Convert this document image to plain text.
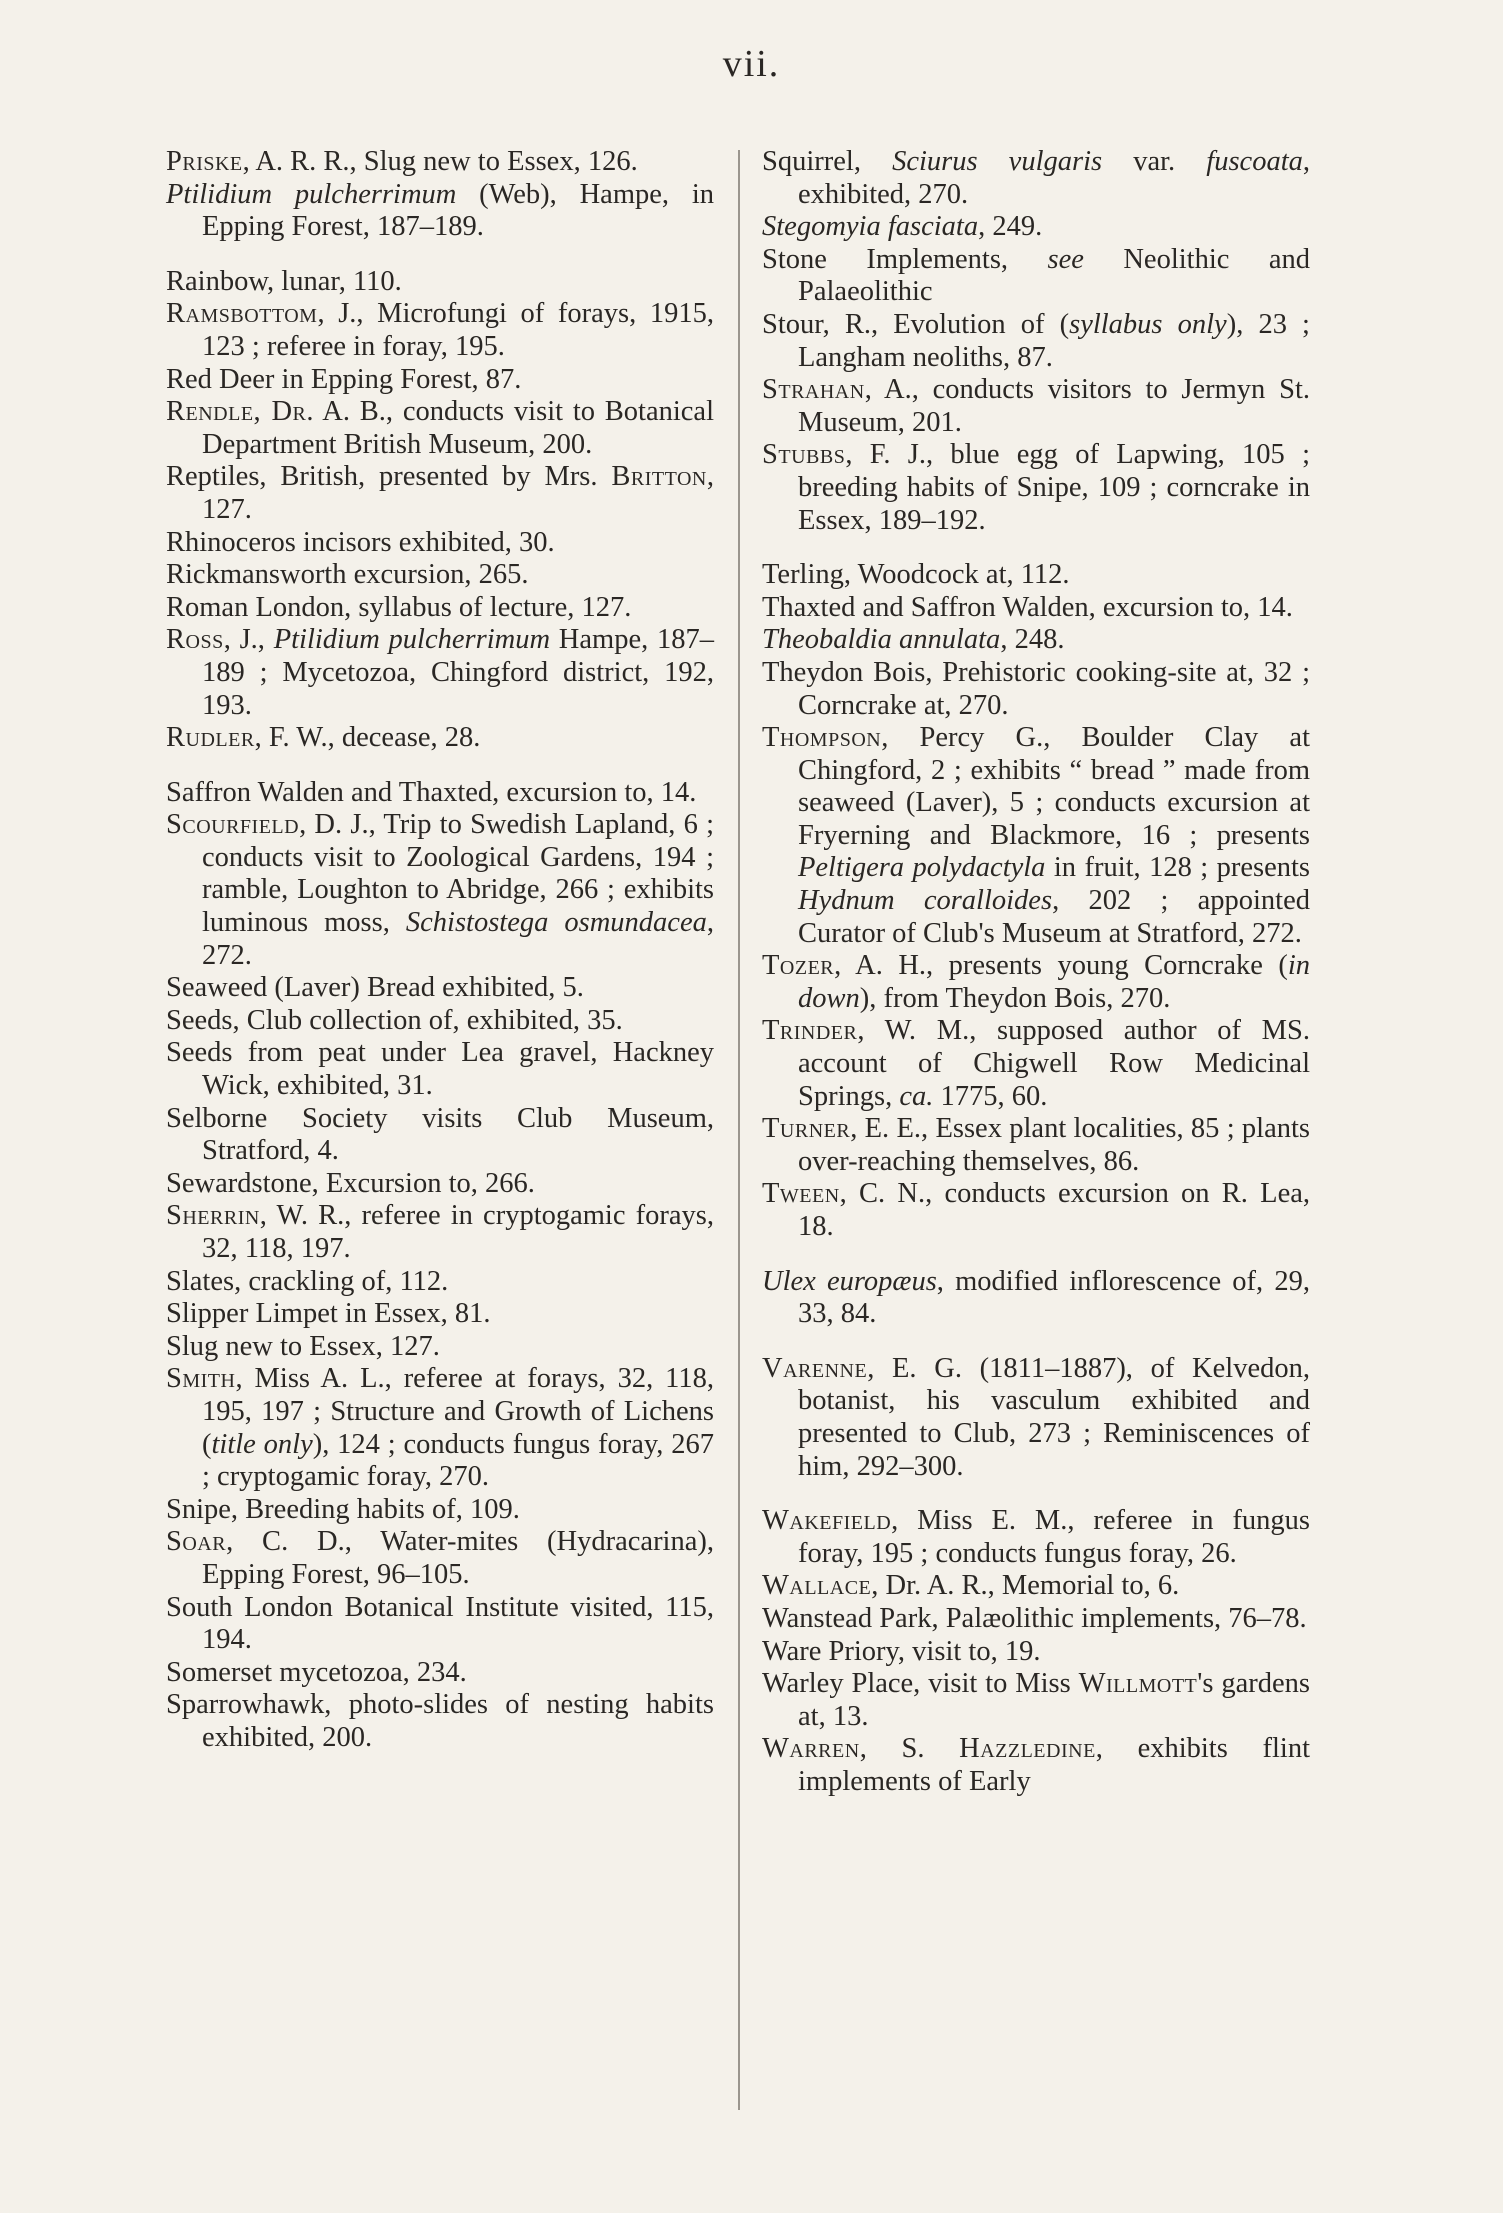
vii.

Priske, A. R. R., Slug new to Essex, 126.

Ptilidium pulcherrimum (Web), Hampe, in Epping Forest, 187–189.

Rainbow, lunar, 110.

Ramsbottom, J., Microfungi of forays, 1915, 123 ; referee in foray, 195.

Red Deer in Epping Forest, 87.

Rendle, Dr. A. B., conducts visit to Botanical Department British Museum, 200.

Reptiles, British, presented by Mrs. Britton, 127.

Rhinoceros incisors exhibited, 30.

Rickmansworth excursion, 265.

Roman London, syllabus of lecture, 127.

Ross, J., Ptilidium pulcherrimum Hampe, 187–189 ; Mycetozoa, Chingford district, 192, 193.

Rudler, F. W., decease, 28.

Saffron Walden and Thaxted, excursion to, 14.

Scourfield, D. J., Trip to Swedish Lapland, 6 ; conducts visit to Zoological Gardens, 194 ; ramble, Loughton to Abridge, 266 ; exhibits luminous moss, Schistostega osmundacea, 272.

Seaweed (Laver) Bread exhibited, 5.

Seeds, Club collection of, exhibited, 35.

Seeds from peat under Lea gravel, Hackney Wick, exhibited, 31.

Selborne Society visits Club Museum, Stratford, 4.

Sewardstone, Excursion to, 266.

Sherrin, W. R., referee in cryptogamic forays, 32, 118, 197.

Slates, crackling of, 112.

Slipper Limpet in Essex, 81.

Slug new to Essex, 127.

Smith, Miss A. L., referee at forays, 32, 118, 195, 197 ; Structure and Growth of Lichens (title only), 124 ; conducts fungus foray, 267 ; cryptogamic foray, 270.

Snipe, Breeding habits of, 109.

Soar, C. D., Water-mites (Hydracarina), Epping Forest, 96–105.

South London Botanical Institute visited, 115, 194.

Somerset mycetozoa, 234.

Sparrowhawk, photo-slides of nesting habits exhibited, 200.

Squirrel, Sciurus vulgaris var. fuscoata, exhibited, 270.

Stegomyia fasciata, 249.

Stone Implements, see Neolithic and Palaeolithic

Stour, R., Evolution of (syllabus only), 23 ; Langham neoliths, 87.

Strahan, A., conducts visitors to Jermyn St. Museum, 201.

Stubbs, F. J., blue egg of Lapwing, 105 ; breeding habits of Snipe, 109 ; corncrake in Essex, 189–192.

Terling, Woodcock at, 112.

Thaxted and Saffron Walden, excursion to, 14.

Theobaldia annulata, 248.

Theydon Bois, Prehistoric cooking-site at, 32 ; Corncrake at, 270.

Thompson, Percy G., Boulder Clay at Chingford, 2 ; exhibits “ bread ” made from seaweed (Laver), 5 ; conducts excursion at Fryerning and Blackmore, 16 ; presents Peltigera polydactyla in fruit, 128 ; presents Hydnum coralloides, 202 ; appointed Curator of Club's Museum at Stratford, 272.

Tozer, A. H., presents young Corncrake (in down), from Theydon Bois, 270.

Trinder, W. M., supposed author of MS. account of Chigwell Row Medicinal Springs, ca. 1775, 60.

Turner, E. E., Essex plant localities, 85 ; plants over-reaching themselves, 86.

Tween, C. N., conducts excursion on R. Lea, 18.

Ulex europæus, modified inflorescence of, 29, 33, 84.

Varenne, E. G. (1811–1887), of Kelvedon, botanist, his vasculum exhibited and presented to Club, 273 ; Reminiscences of him, 292–300.

Wakefield, Miss E. M., referee in fungus foray, 195 ; conducts fungus foray, 26.

Wallace, Dr. A. R., Memorial to, 6.

Wanstead Park, Palæolithic implements, 76–78.

Ware Priory, visit to, 19.

Warley Place, visit to Miss Willmott's gardens at, 13.

Warren, S. Hazzledine, exhibits flint implements of Early
